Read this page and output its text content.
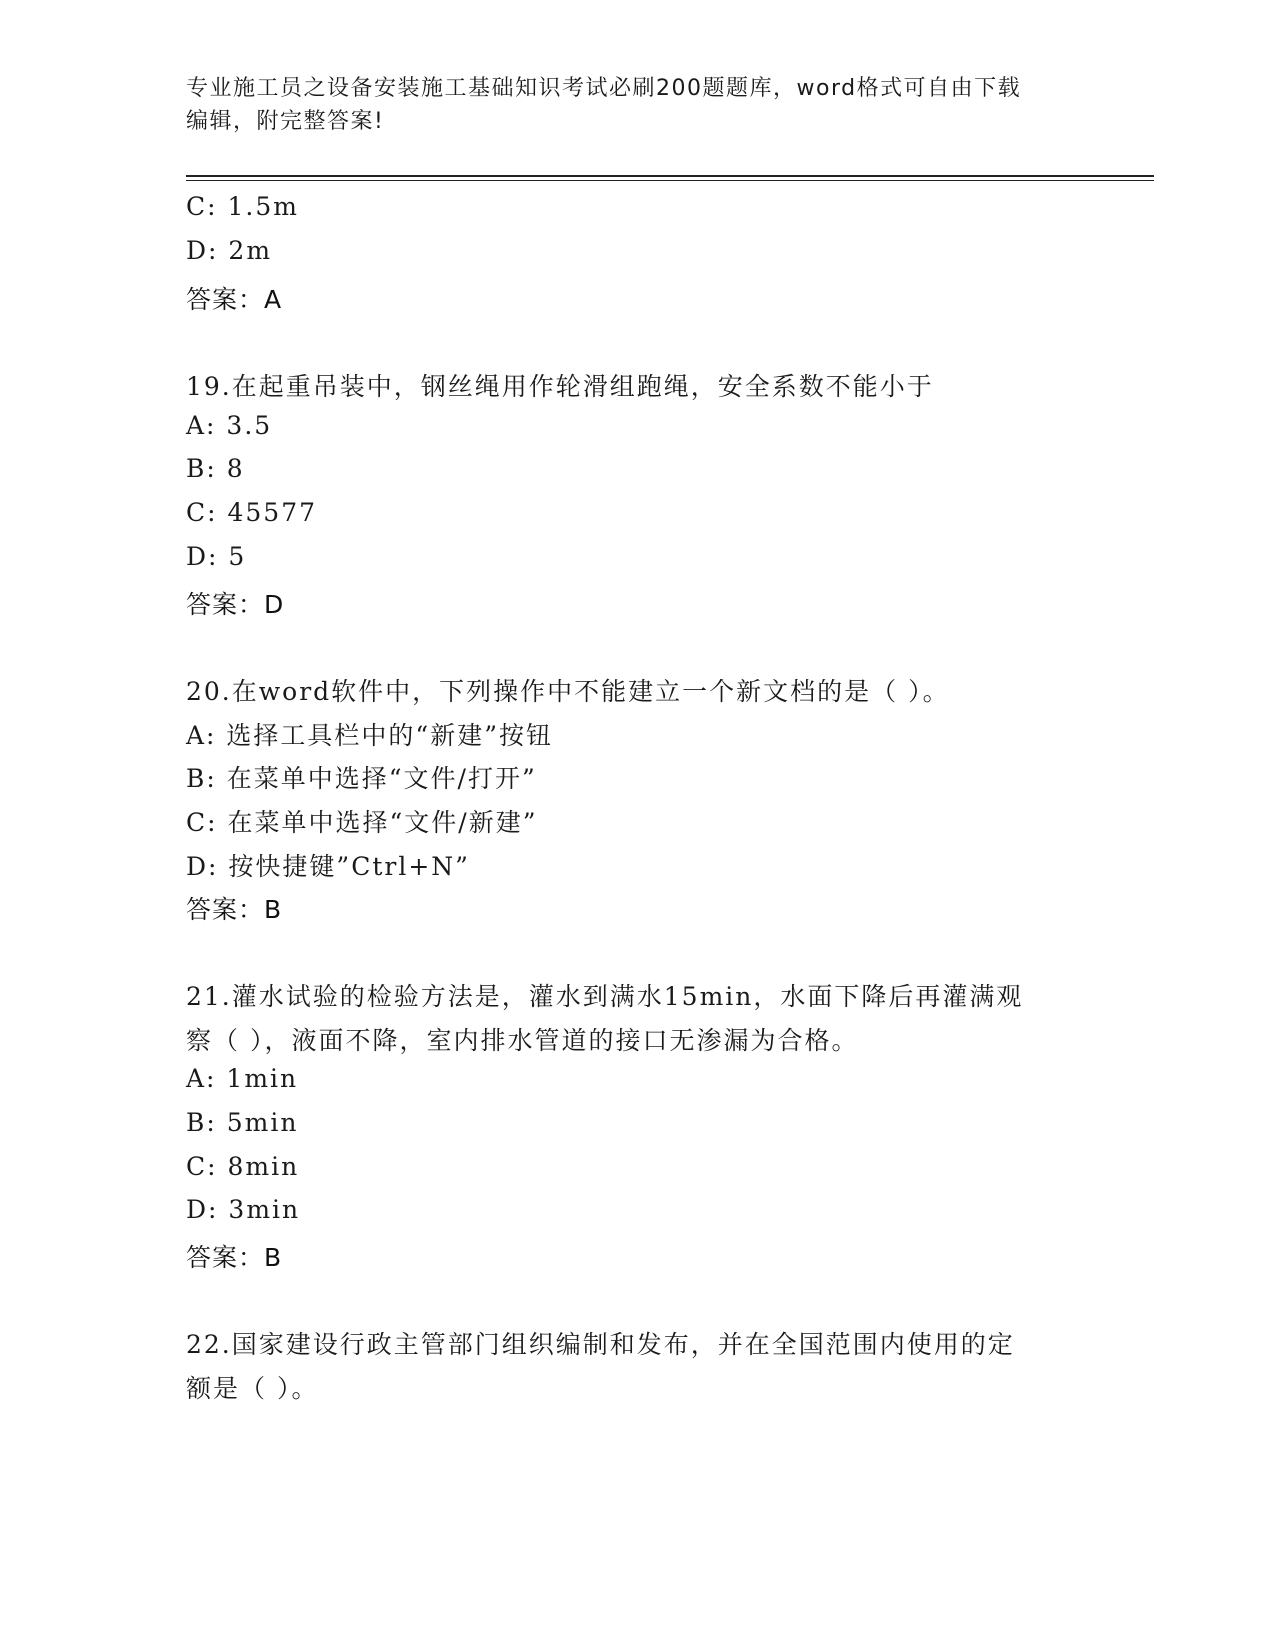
专业施工员之设备安装施工基础知识考试必刷200题题库，word格式可自由下载
编辑，附完整答案!
C: 1.5m
D: 2m
答案：A
19.在起重吊装中，钢丝绳用作轮滑组跑绳，安全系数不能小于
A: 3.5
B: 8
C: 45577
D: 5
答案：D
20.在word软件中，下列操作中不能建立一个新文档的是（ ）。
A: 选择工具栏中的“新建”按钮
B: 在菜单中选择“文件/打开”
C: 在菜单中选择“文件/新建”
D: 按快捷键”Ctrl+N”
答案：B
21.灌水试验的检验方法是，灌水到满水15min，水面下降后再灌满观
察（ ），液面不降，室内排水管道的接口无渗漏为合格。
A: 1min
B: 5min
C: 8min
D: 3min
答案：B
22.国家建设行政主管部门组织编制和发布，并在全国范围内使用的定
额是（ ）。
